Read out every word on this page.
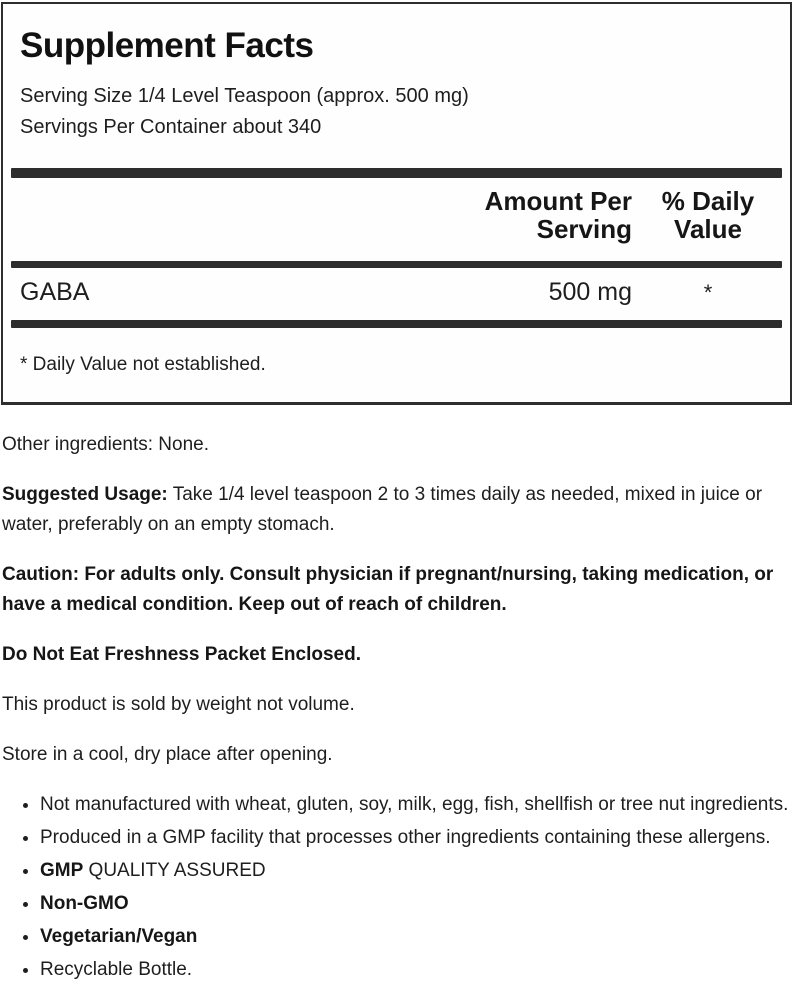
Supplement Facts
Serving Size 1/4 Level Teaspoon (approx. 500 mg)
Servings Per Container about 340
Amount Per Serving
% Daily Value
GABA	500 mg	*
* Daily Value not established.

Other ingredients: None.

Suggested Usage: Take 1/4 level teaspoon 2 to 3 times daily as needed, mixed in juice or water, preferably on an empty stomach.

Caution: For adults only. Consult physician if pregnant/nursing, taking medication, or have a medical condition. Keep out of reach of children.

Do Not Eat Freshness Packet Enclosed.

This product is sold by weight not volume.

Store in a cool, dry place after opening.

• Not manufactured with wheat, gluten, soy, milk, egg, fish, shellfish or tree nut ingredients.
• Produced in a GMP facility that processes other ingredients containing these allergens.
• GMP QUALITY ASSURED
• Non-GMO
• Vegetarian/Vegan
• Recyclable Bottle.
